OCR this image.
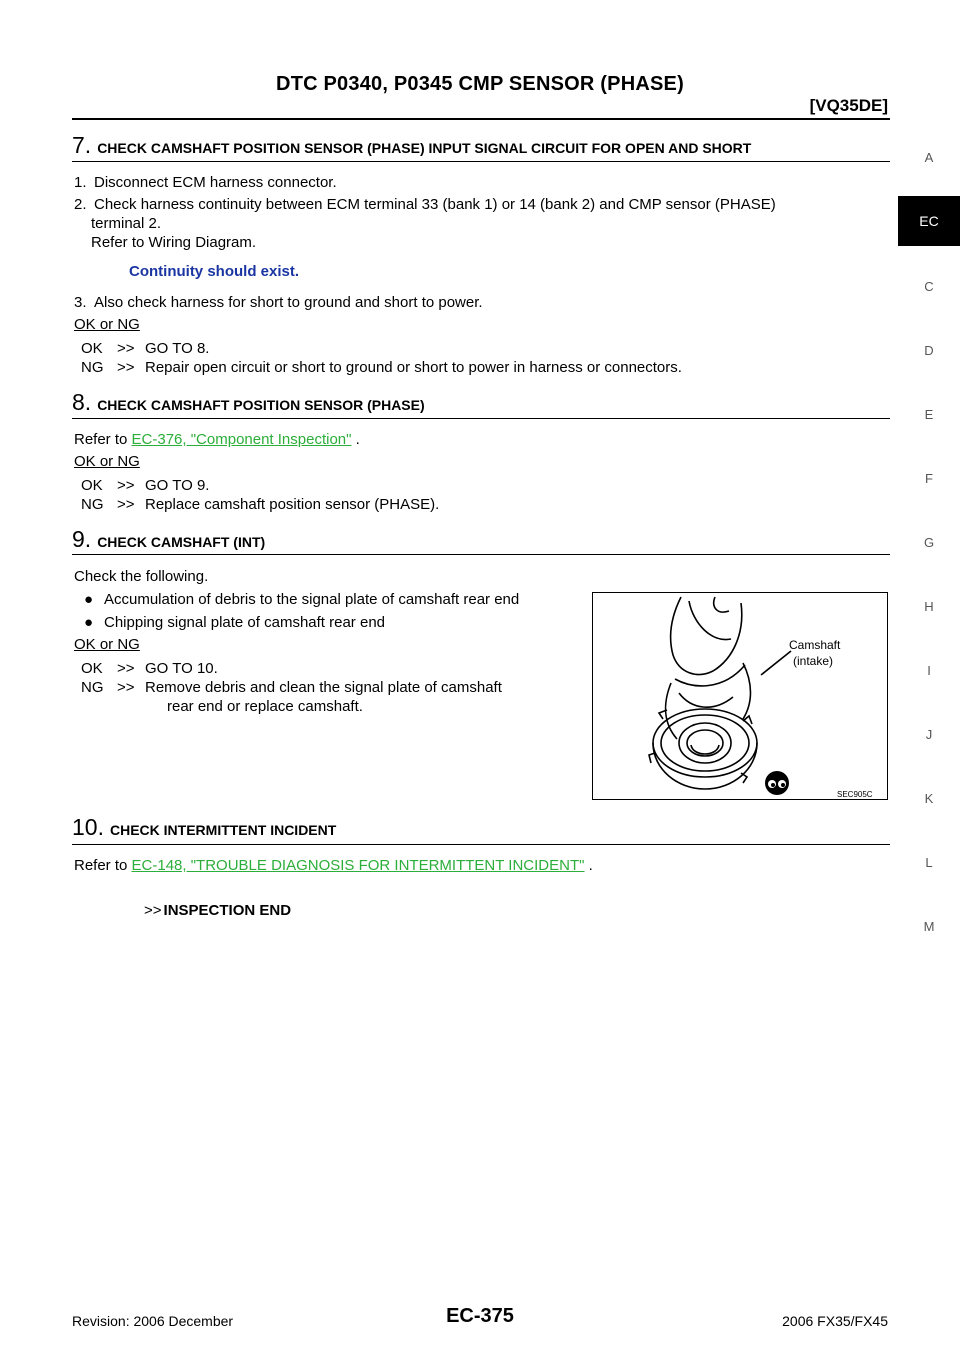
DTC P0340, P0345 CMP SENSOR (PHASE)
[VQ35DE]
A
EC
C
D
E
F
G
H
I
J
K
L
M
7. CHECK CAMSHAFT POSITION SENSOR (PHASE) INPUT SIGNAL CIRCUIT FOR OPEN AND SHORT
1. Disconnect ECM harness connector.
2. Check harness continuity between ECM terminal 33 (bank 1) or 14 (bank 2) and CMP sensor (PHASE)
terminal 2.
Refer to Wiring Diagram.
Continuity should exist.
3. Also check harness for short to ground and short to power.
OK or NG
OK >> GO TO 8.
NG >> Repair open circuit or short to ground or short to power in harness or connectors.
8. CHECK CAMSHAFT POSITION SENSOR (PHASE)
Refer to EC-376, "Component Inspection" .
OK or NG
OK >> GO TO 9.
NG >> Replace camshaft position sensor (PHASE).
9. CHECK CAMSHAFT (INT)
Check the following.
● Accumulation of debris to the signal plate of camshaft rear end
● Chipping signal plate of camshaft rear end
OK or NG
OK >> GO TO 10.
NG >> Remove debris and clean the signal plate of camshaft
rear end or replace camshaft.
Camshaft
(intake)
SEC905C
10. CHECK INTERMITTENT INCIDENT
Refer to EC-148, "TROUBLE DIAGNOSIS FOR INTERMITTENT INCIDENT" .
>> INSPECTION END
Revision: 2006 December	EC-375	2006 FX35/FX45
